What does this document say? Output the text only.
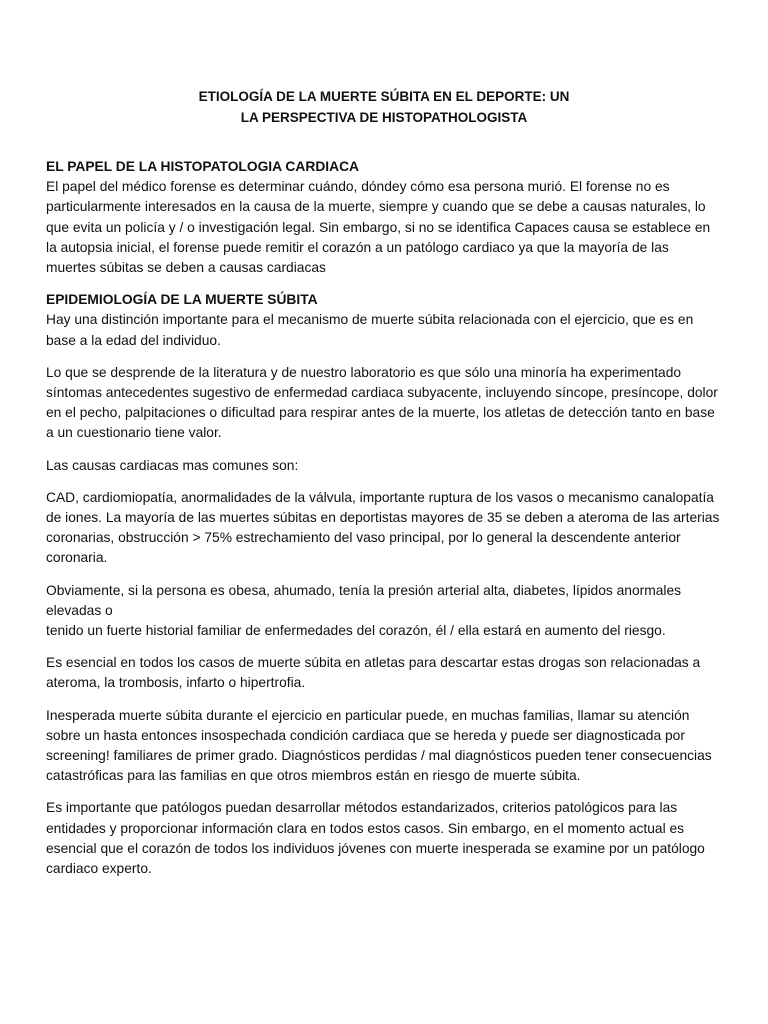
ETIOLOGÍA DE LA MUERTE SÚBITA EN EL DEPORTE: UN
LA PERSPECTIVA DE HISTOPATHOLOGISTA

EL PAPEL DE LA HISTOPATOLOGIA CARDIACA

El papel del médico forense es determinar cuándo, dóndey cómo esa persona murió. El forense no es particularmente interesados en la causa de la muerte, siempre y cuando que se debe a causas naturales, lo que evita un policía y / o investigación legal. Sin embargo, si no se identifica Capaces causa se establece en la autopsia inicial, el forense puede remitir el corazón a un patólogo cardiaco ya que la mayoría de las muertes súbitas se deben a causas cardiacas

EPIDEMIOLOGÍA DE LA MUERTE SÚBITA

Hay una distinción importante para el mecanismo de muerte súbita relacionada con el ejercicio, que es en base a la edad del individuo.

Lo que se desprende de la literatura y de nuestro laboratorio es que sólo una minoría ha experimentado síntomas antecedentes sugestivo de enfermedad cardiaca subyacente, incluyendo síncope, presíncope, dolor en el pecho, palpitaciones o dificultad para respirar antes de la muerte, los atletas de detección tanto en base a un cuestionario tiene valor.

Las causas cardiacas mas comunes son:

CAD, cardiomiopatía, anormalidades de la válvula, importante ruptura de los vasos o mecanismo canalopatía de iones. La mayoría de las muertes súbitas en deportistas mayores de 35 se deben a ateroma de las arterias coronarias, obstrucción > 75% estrechamiento del vaso principal, por lo general la descendente anterior coronaria.

Obviamente, si la persona es obesa, ahumado, tenía la presión arterial alta, diabetes, lípidos anormales elevadas o

tenido un fuerte historial familiar de enfermedades del corazón, él / ella estará en aumento del riesgo.

Es esencial en todos los casos de muerte súbita en atletas para descartar estas drogas son relacionadas a ateroma, la trombosis, infarto o hipertrofia.

Inesperada muerte súbita durante el ejercicio en particular puede, en muchas familias, llamar su atención sobre un hasta entonces insospechada condición cardiaca que se hereda y puede ser diagnosticada por screening! familiares de primer grado. Diagnósticos perdidas / mal diagnósticos pueden tener consecuencias catastróficas para las familias en que otros miembros están en riesgo de muerte súbita.

Es importante que patólogos puedan desarrollar métodos estandarizados, criterios patológicos para las entidades y proporcionar información clara en todos estos casos. Sin embargo, en el momento actual es esencial que el corazón de todos los individuos jóvenes con muerte inesperada se examine por un patólogo cardiaco experto.
